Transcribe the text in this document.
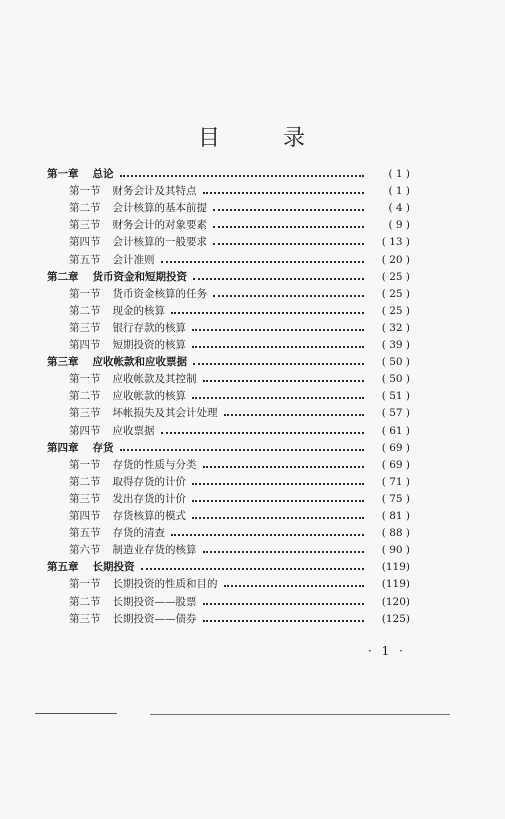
目 录
第一章 总论	( 1 )
第一节 财务会计及其特点	( 1 )
第二节 会计核算的基本前提	( 4 )
第三节 财务会计的对象要素	( 9 )
第四节 会计核算的一般要求	( 13 )
第五节 会计准则	( 20 )
第二章 货币资金和短期投资	( 25 )
第一节 货币资金核算的任务	( 25 )
第二节 现金的核算	( 25 )
第三节 银行存款的核算	( 32 )
第四节 短期投资的核算	( 39 )
第三章 应收帐款和应收票据	( 50 )
第一节 应收帐款及其控制	( 50 )
第二节 应收帐款的核算	( 51 )
第三节 坏帐损失及其会计处理	( 57 )
第四节 应收票据	( 61 )
第四章 存货	( 69 )
第一节 存货的性质与分类	( 69 )
第二节 取得存货的计价	( 71 )
第三节 发出存货的计价	( 75 )
第四节 存货核算的模式	( 81 )
第五节 存货的清查	( 88 )
第六节 制造业存货的核算	( 90 )
第五章 长期投资	(119)
第一节 长期投资的性质和目的	(119)
第二节 长期投资——股票	(120)
第三节 长期投资——债券	(125)
· 1 ·
